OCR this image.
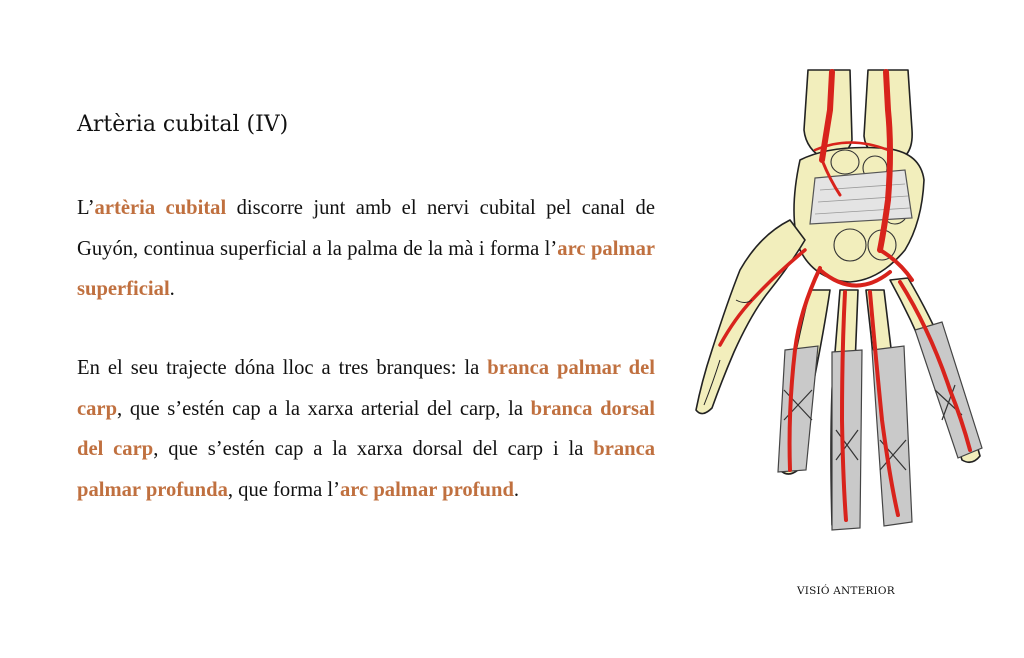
Artèria cubital (IV)

L’artèria cubital discorre junt amb el nervi cubital pel canal de Guyón, continua superficial a la palma de la mà i forma l’arc palmar superficial.

En el seu trajecte dóna lloc a tres branques: la branca palmar del carp, que s’estén cap a la xarxa arterial del carp, la branca dorsal del carp, que s’estén cap a la xarxa dorsal del carp i la branca palmar profunda, que forma l’arc palmar profund.

VISIÓ ANTERIOR
